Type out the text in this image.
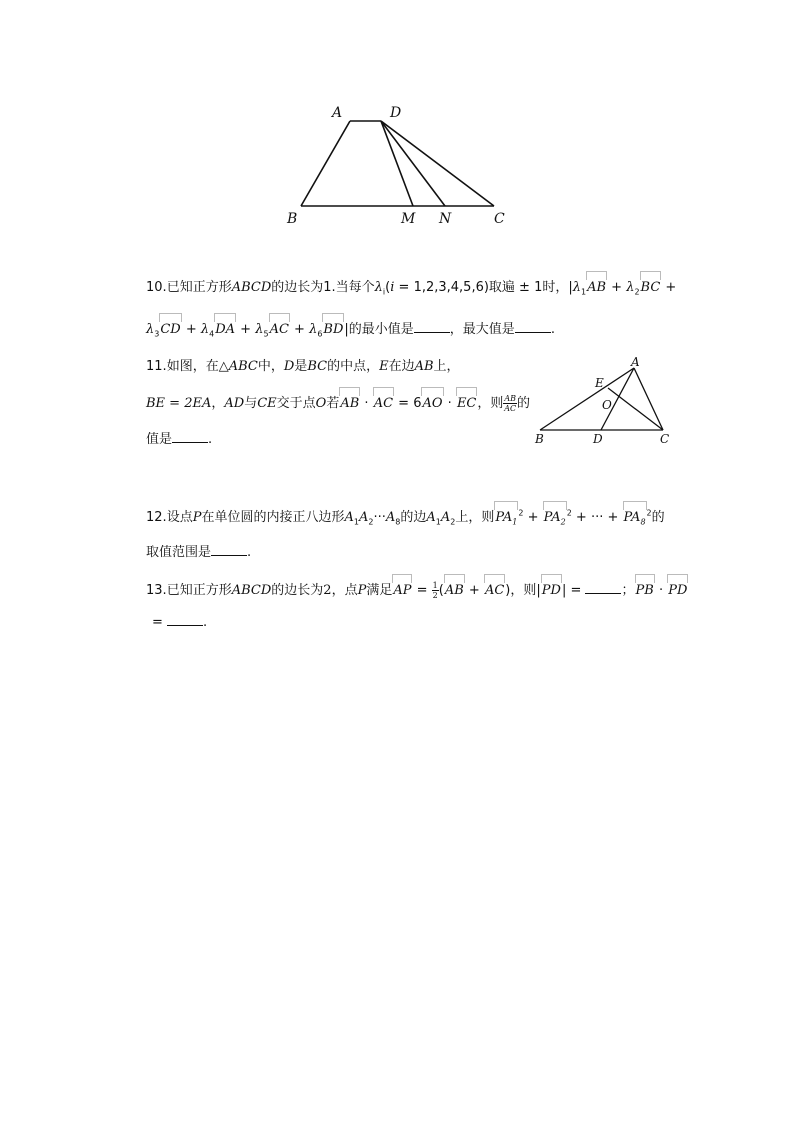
A	D
B	M N	C
10.已知正方形ABCD的边长为1.当每个$\lambda_i(i = 1,2,3,4,5,6)$取遍 ± 1时，$|\lambda_1AB + \lambda_2BC$ +
$\lambda_3CD + \lambda_4DA + \lambda_5AC + \lambda_6BD|$的最小值是	，最大值是	.
11.如图，在△ABC中，D是BC的中点，E在边AB上，
BE = 2EA，AD与CE交于点O若AB · AC = 6AO · EC，则 $\frac{AB}{AC}$ 的
值是	.
A
E
O
B	D	C
12.设点P在单位圆的内接正八边形$A_1A_2\cdot\cdot\cdot A_8$的边$A_1A_2$上，则$PA_1^2 + PA_2^2$ + ··· + $PA_8^2$的
取值范围是	.
13.已知正方形ABCD的边长为2，点P满足AP = $\frac{1}{2} (AB + AC)$，则|PD| =	；PB · PD
=	.
